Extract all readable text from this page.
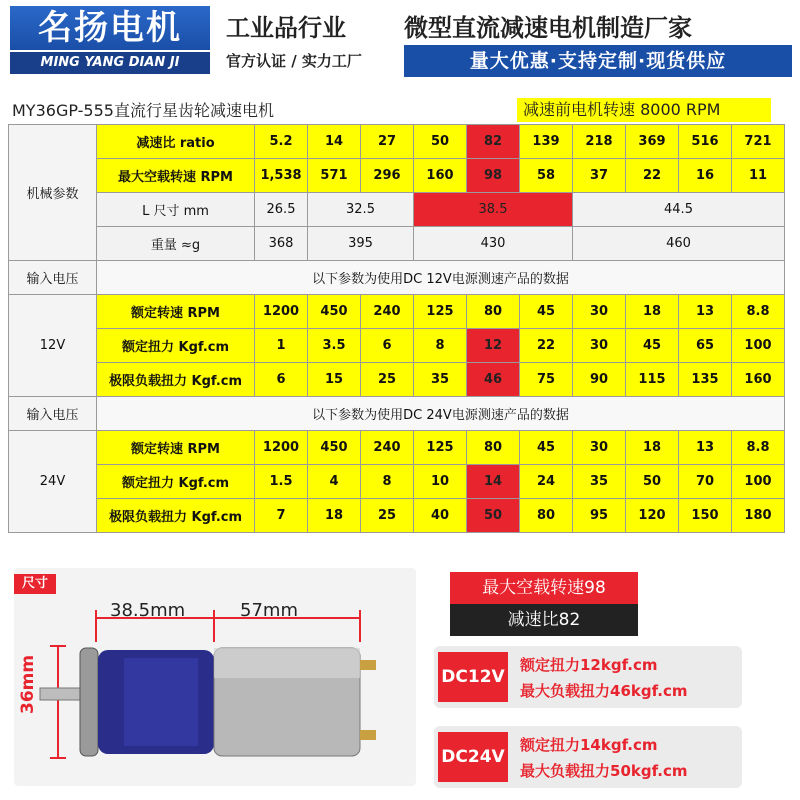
名扬电机
MING YANG DIAN JI
工业品行业
官方认证 / 实力工厂
微型直流减速电机制造厂家
量大优惠·支持定制·现货供应
MY36GP-555直流行星齿轮减速电机	减速前电机转速 8000 RPM
机械参数	减速比 ratio	5.2	14	27	50	82	139	218	369	516	721
	最大空载转速 RPM	1,538	571	296	160	98	58	37	22	16	11
	L 尺寸 mm	26.5	32.5		38.5			44.5			
	重量 ≈g	368	395		430			460			
输入电压	以下参数为使用DC 12V电源测速产品的数据										
12V	额定转速 RPM	1200	450	240	125	80	45	30	18	13	8.8
	额定扭力 Kgf.cm	1	3.5	6	8	12	22	30	45	65	100
	极限负载扭力 Kgf.cm	6	15	25	35	46	75	90	115	135	160
输入电压	以下参数为使用DC 24V电源测速产品的数据										
24V	额定转速 RPM	1200	450	240	125	80	45	30	18	13	8.8
	额定扭力 Kgf.cm	1.5	4	8	10	14	24	35	50	70	100
	极限负载扭力 Kgf.cm	7	18	25	40	50	80	95	120	150	180
尺寸
38.5mm	57mm
36mm
最大空载转速98
减速比82
DC12V
额定扭力12kgf.cm
最大负载扭力46kgf.cm
DC24V
额定扭力14kgf.cm
最大负载扭力50kgf.cm
